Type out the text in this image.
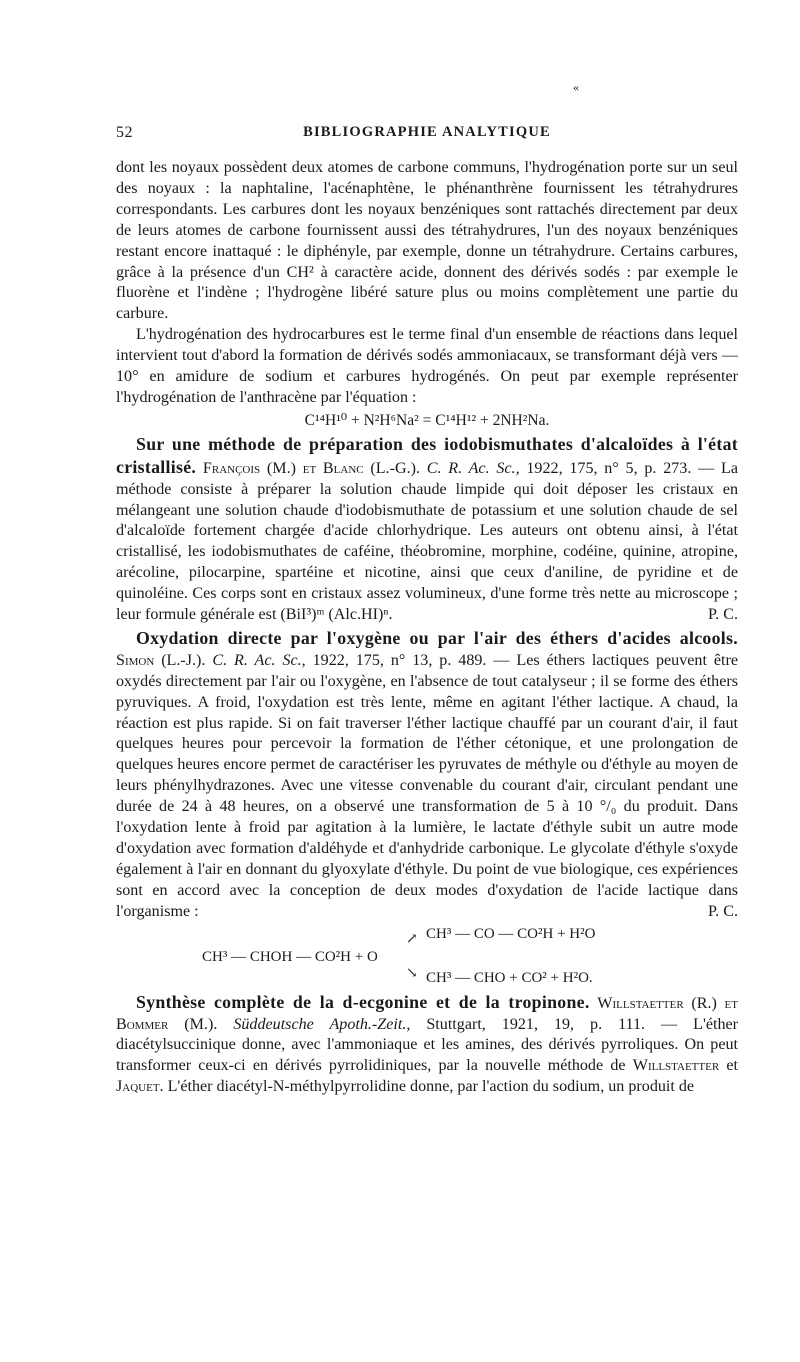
«
52	BIBLIOGRAPHIE ANALYTIQUE

dont les noyaux possèdent deux atomes de carbone communs, l'hydrogénation porte sur un seul des noyaux : la naphtaline, l'acénaphtène, le phénanthrène fournissent les tétrahydrures correspondants. Les carbures dont les noyaux benzéniques sont rattachés directement par deux de leurs atomes de carbone fournissent aussi des tétrahydrures, l'un des noyaux benzéniques restant encore inattaqué : le diphényle, par exemple, donne un tétrahydrure. Certains carbures, grâce à la présence d'un CH² à caractère acide, donnent des dérivés sodés : par exemple le fluorène et l'indène ; l'hydrogène libéré sature plus ou moins complètement une partie du carbure.

L'hydrogénation des hydrocarbures est le terme final d'un ensemble de réactions dans lequel intervient tout d'abord la formation de dérivés sodés ammoniacaux, se transformant déjà vers — 10° en amidure de sodium et carbures hydrogénés. On peut par exemple représenter l'hydrogénation de l'anthracène par l'équation :

C¹⁴H¹⁰ + N²H⁶Na² = C¹⁴H¹² + 2NH²Na.

Sur une méthode de préparation des iodobismuthates d'alcaloïdes à l'état cristallisé. François (M.) et Blanc (L.-G.). C. R. Ac. Sc., 1922, 175, n° 5, p. 273. — La méthode consiste à préparer la solution chaude limpide qui doit déposer les cristaux en mélangeant une solution chaude d'iodobismuthate de potassium et une solution chaude de sel d'alcaloïde fortement chargée d'acide chlorhydrique. Les auteurs ont obtenu ainsi, à l'état cristallisé, les iodobismuthates de caféine, théobromine, morphine, codéine, quinine, atropine, arécoline, pilocarpine, spartéine et nicotine, ainsi que ceux d'aniline, de pyridine et de quinoléine. Ces corps sont en cristaux assez volumineux, d'une forme très nette au microscope ; leur formule générale est (BiI³)ᵐ (Alc.HI)ⁿ.	P. C.

Oxydation directe par l'oxygène ou par l'air des éthers d'acides alcools. Simon (L.-J.). C. R. Ac. Sc., 1922, 175, n° 13, p. 489. — Les éthers lactiques peuvent être oxydés directement par l'air ou l'oxygène, en l'absence de tout catalyseur ; il se forme des éthers pyruviques. A froid, l'oxydation est très lente, même en agitant l'éther lactique. A chaud, la réaction est plus rapide. Si on fait traverser l'éther lactique chauffé par un courant d'air, il faut quelques heures pour percevoir la formation de l'éther cétonique, et une prolongation de quelques heures encore permet de caractériser les pyruvates de méthyle ou d'éthyle au moyen de leurs phénylhydrazones. Avec une vitesse convenable du courant d'air, circulant pendant une durée de 24 à 48 heures, on a observé une transformation de 5 à 10 °/₀ du produit. Dans l'oxydation lente à froid par agitation à la lumière, le lactate d'éthyle subit un autre mode d'oxydation avec formation d'aldéhyde et d'anhydride carbonique. Le glycolate d'éthyle s'oxyde également à l'air en donnant du glyoxylate d'éthyle. Du point de vue biologique, ces expériences sont en accord avec la conception de deux modes d'oxydation de l'acide lactique dans l'organisme :	P. C.

CH³ — CHOH — CO²H + O
↗ CH³ — CO — CO²H + H²O
↘ CH³ — CHO + CO² + H²O.

Synthèse complète de la d-ecgonine et de la tropinone. Willstaetter (R.) et Bommer (M.). Süddeutsche Apoth.-Zeit., Stuttgart, 1921, 19, p. 111. — L'éther diacétylsuccinique donne, avec l'ammoniaque et les amines, des dérivés pyrroliques. On peut transformer ceux-ci en dérivés pyrrolidiniques, par la nouvelle méthode de Willstaetter et Jaquet. L'éther diacétyl-N-méthylpyrrolidine donne, par l'action du sodium, un produit de
